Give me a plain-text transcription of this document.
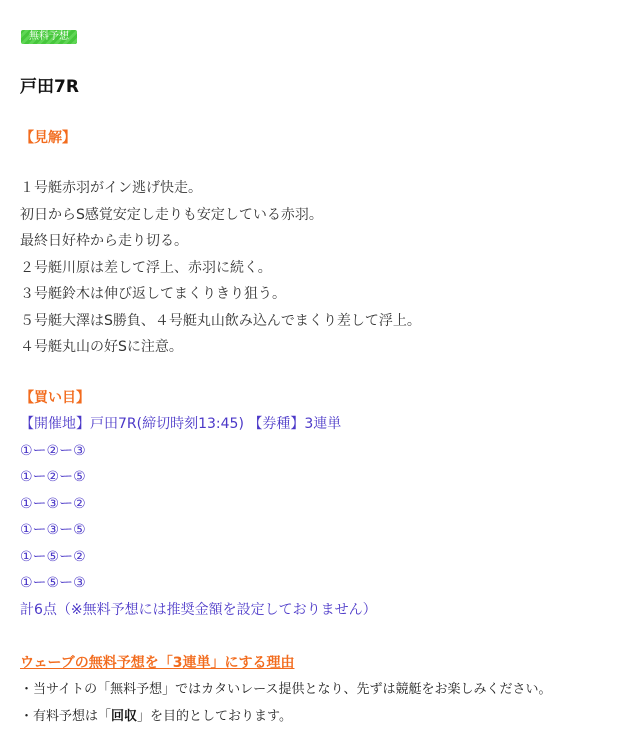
無料予想
戸田7R
【見解】
１号艇赤羽がイン逃げ快走。
初日からS感覚安定し走りも安定している赤羽。
最終日好枠から走り切る。
２号艇川原は差して浮上、赤羽に続く。
３号艇鈴木は伸び返してまくりきり狙う。
５号艇大澤はS勝負、４号艇丸山飲み込んでまくり差して浮上。
４号艇丸山の好Sに注意。
【買い目】
【開催地】戸田7R(締切時刻13:45) 【券種】3連単
①ー②ー③
①ー②ー⑤
①ー③ー②
①ー③ー⑤
①ー⑤ー②
①ー⑤ー③
計6点（※無料予想には推奨金額を設定しておりません）
ウェーブの無料予想を「3連単」にする理由
・当サイトの「無料予想」ではカタいレース提供となり、先ずは競艇をお楽しみください。
・有料予想は「回収」を目的としております。
